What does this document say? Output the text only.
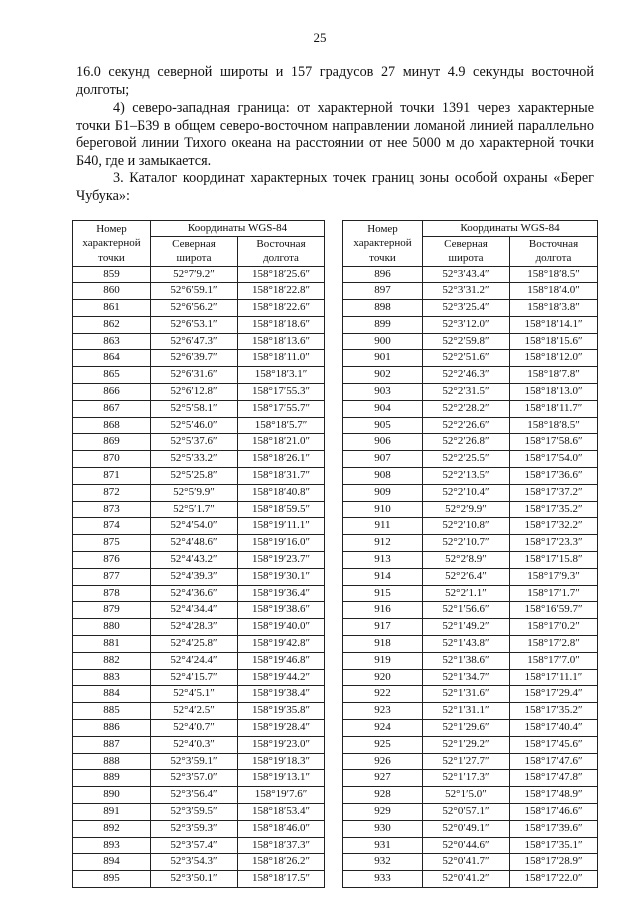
25

16.0 секунд северной широты и 157 градусов 27 минут 4.9 секунды восточной долготы;

4) северо-западная граница: от характерной точки 1391 через характерные точки Б1–Б39 в общем северо-восточном направлении ломаной линией параллельно береговой линии Тихого океана на расстоянии от нее 5000 м до характерной точки Б40, где и замыкается.

3. Каталог координат характерных точек границ зоны особой охраны «Берег Чубука»:

Номер
характерной
точки	Координаты WGS-84	
	Северная
широта	Восточная
долгота
859	52°7′9.2″	158°18′25.6″
860	52°6′59.1″	158°18′22.8″
861	52°6′56.2″	158°18′22.6″
862	52°6′53.1″	158°18′18.6″
863	52°6′47.3″	158°18′13.6″
864	52°6′39.7″	158°18′11.0″
865	52°6′31.6″	158°18′3.1″
866	52°6′12.8″	158°17′55.3″
867	52°5′58.1″	158°17′55.7″
868	52°5′46.0″	158°18′5.7″
869	52°5′37.6″	158°18′21.0″
870	52°5′33.2″	158°18′26.1″
871	52°5′25.8″	158°18′31.7″
872	52°5′9.9″	158°18′40.8″
873	52°5′1.7″	158°18′59.5″
874	52°4′54.0″	158°19′11.1″
875	52°4′48.6″	158°19′16.0″
876	52°4′43.2″	158°19′23.7″
877	52°4′39.3″	158°19′30.1″
878	52°4′36.6″	158°19′36.4″
879	52°4′34.4″	158°19′38.6″
880	52°4′28.3″	158°19′40.0″
881	52°4′25.8″	158°19′42.8″
882	52°4′24.4″	158°19′46.8″
883	52°4′15.7″	158°19′44.2″
884	52°4′5.1″	158°19′38.4″
885	52°4′2.5″	158°19′35.8″
886	52°4′0.7″	158°19′28.4″
887	52°4′0.3″	158°19′23.0″
888	52°3′59.1″	158°19′18.3″
889	52°3′57.0″	158°19′13.1″
890	52°3′56.4″	158°19′7.6″
891	52°3′59.5″	158°18′53.4″
892	52°3′59.3″	158°18′46.0″
893	52°3′57.4″	158°18′37.3″
894	52°3′54.3″	158°18′26.2″
895	52°3′50.1″	158°18′17.5″
Номер
характерной
точки	Координаты WGS-84	
	Северная
широта	Восточная
долгота
896	52°3′43.4″	158°18′8.5″
897	52°3′31.2″	158°18′4.0″
898	52°3′25.4″	158°18′3.8″
899	52°3′12.0″	158°18′14.1″
900	52°2′59.8″	158°18′15.6″
901	52°2′51.6″	158°18′12.0″
902	52°2′46.3″	158°18′7.8″
903	52°2′31.5″	158°18′13.0″
904	52°2′28.2″	158°18′11.7″
905	52°2′26.6″	158°18′8.5″
906	52°2′26.8″	158°17′58.6″
907	52°2′25.5″	158°17′54.0″
908	52°2′13.5″	158°17′36.6″
909	52°2′10.4″	158°17′37.2″
910	52°2′9.9″	158°17′35.2″
911	52°2′10.8″	158°17′32.2″
912	52°2′10.7″	158°17′23.3″
913	52°2′8.9″	158°17′15.8″
914	52°2′6.4″	158°17′9.3″
915	52°2′1.1″	158°17′1.7″
916	52°1′56.6″	158°16′59.7″
917	52°1′49.2″	158°17′0.2″
918	52°1′43.8″	158°17′2.8″
919	52°1′38.6″	158°17′7.0″
920	52°1′34.7″	158°17′11.1″
922	52°1′31.6″	158°17′29.4″
923	52°1′31.1″	158°17′35.2″
924	52°1′29.6″	158°17′40.4″
925	52°1′29.2″	158°17′45.6″
926	52°1′27.7″	158°17′47.6″
927	52°1′17.3″	158°17′47.8″
928	52°1′5.0″	158°17′48.9″
929	52°0′57.1″	158°17′46.6″
930	52°0′49.1″	158°17′39.6″
931	52°0′44.6″	158°17′35.1″
932	52°0′41.7″	158°17′28.9″
933	52°0′41.2″	158°17′22.0″
